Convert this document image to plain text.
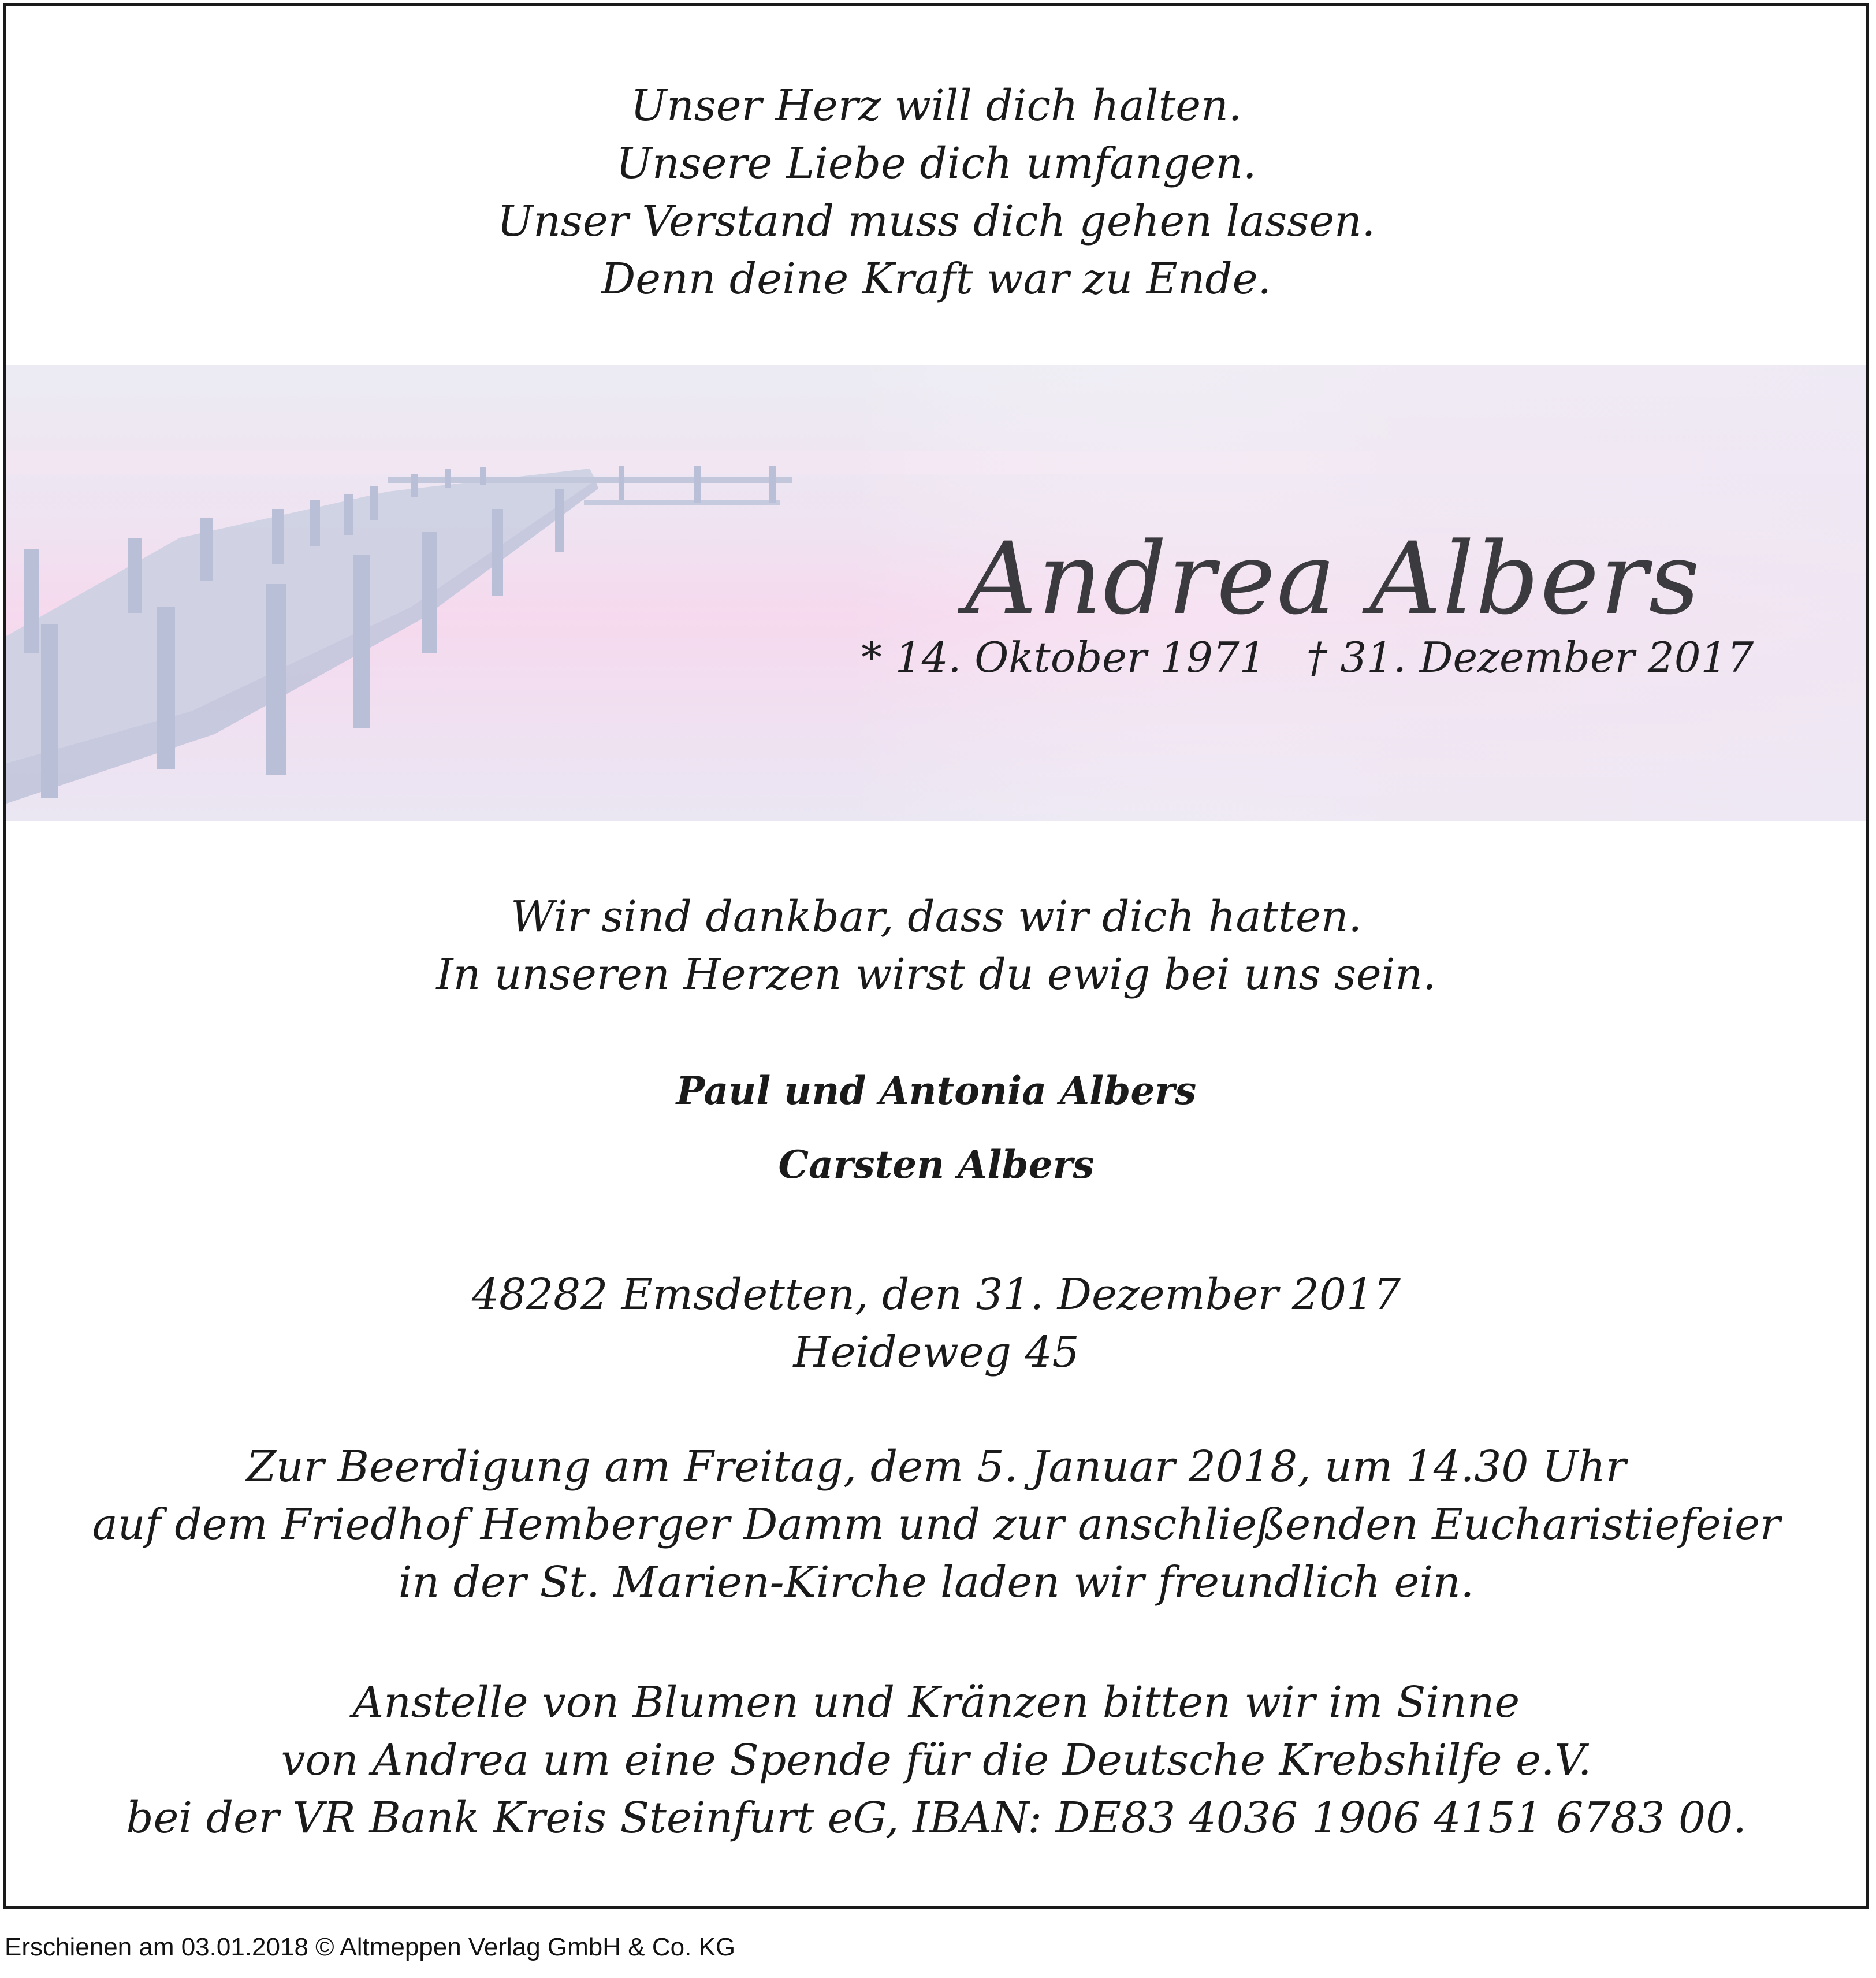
Unser Herz will dich halten.
Unsere Liebe dich umfangen.
Unser Verstand muss dich gehen lassen.
Denn deine Kraft war zu Ende.
Andrea Albers
* 14. Oktober 1971 † 31. Dezember 2017
Wir sind dankbar, dass wir dich hatten.
In unseren Herzen wirst du ewig bei uns sein.
Paul und Antonia Albers
Carsten Albers
48282 Emsdetten, den 31. Dezember 2017
Heideweg 45
Zur Beerdigung am Freitag, dem 5. Januar 2018, um 14.30 Uhr
auf dem Friedhof Hemberger Damm und zur anschließenden Eucharistiefeier
in der St. Marien-Kirche laden wir freundlich ein.
Anstelle von Blumen und Kränzen bitten wir im Sinne
von Andrea um eine Spende für die Deutsche Krebshilfe e.V.
bei der VR Bank Kreis Steinfurt eG, IBAN: DE83 4036 1906 4151 6783 00.
Erschienen am 03.01.2018 © Altmeppen Verlag GmbH & Co. KG
